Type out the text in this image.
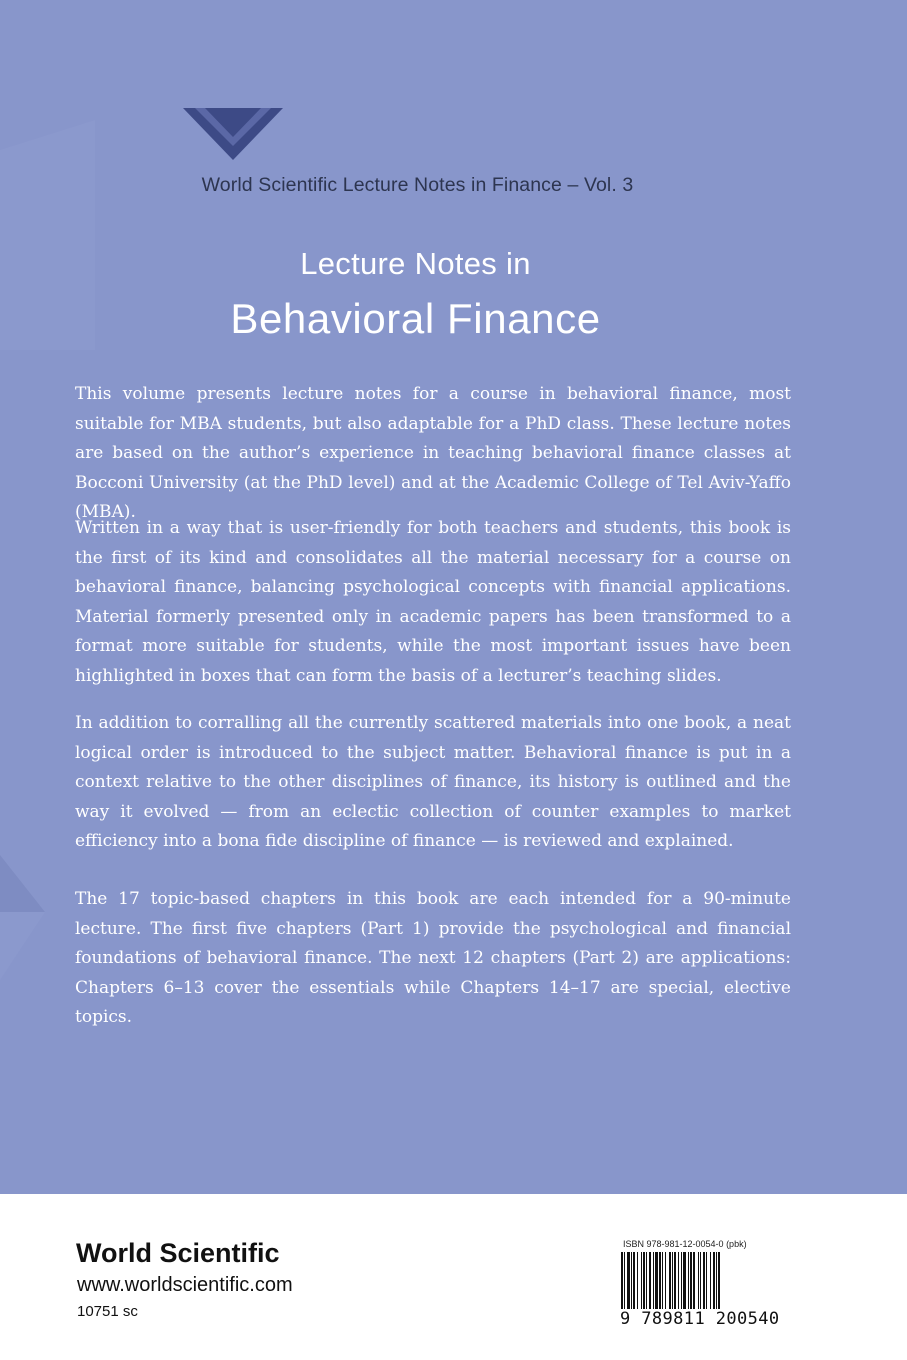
World Scientific Lecture Notes in Finance – Vol. 3
Lecture Notes in
Behavioral Finance

This volume presents lecture notes for a course in behavioral finance, most suitable for MBA students, but also adaptable for a PhD class. These lecture notes are based on the author’s experience in teaching behavioral finance classes at Bocconi University (at the PhD level) and at the Academic College of Tel Aviv-Yaffo (MBA).

Written in a way that is user-friendly for both teachers and students, this book is the first of its kind and consolidates all the material necessary for a course on behavioral finance, balancing psychological concepts with financial applications. Material formerly presented only in academic papers has been transformed to a format more suitable for students, while the most important issues have been highlighted in boxes that can form the basis of a lecturer’s teaching slides.

In addition to corralling all the currently scattered materials into one book, a neat logical order is introduced to the subject matter. Behavioral finance is put in a context relative to the other disciplines of finance, its history is outlined and the way it evolved — from an eclectic collection of counter examples to market efficiency into a bona fide discipline of finance — is reviewed and explained.

The 17 topic-based chapters in this book are each intended for a 90-minute lecture. The first five chapters (Part 1) provide the psychological and financial foundations of behavioral finance. The next 12 chapters (Part 2) are applications: Chapters 6–13 cover the essentials while Chapters 14–17 are special, elective topics.

World Scientific
www.worldscientific.com
10751 sc
ISBN 978-981-12-0054-0 (pbk)
9 789811 200540
